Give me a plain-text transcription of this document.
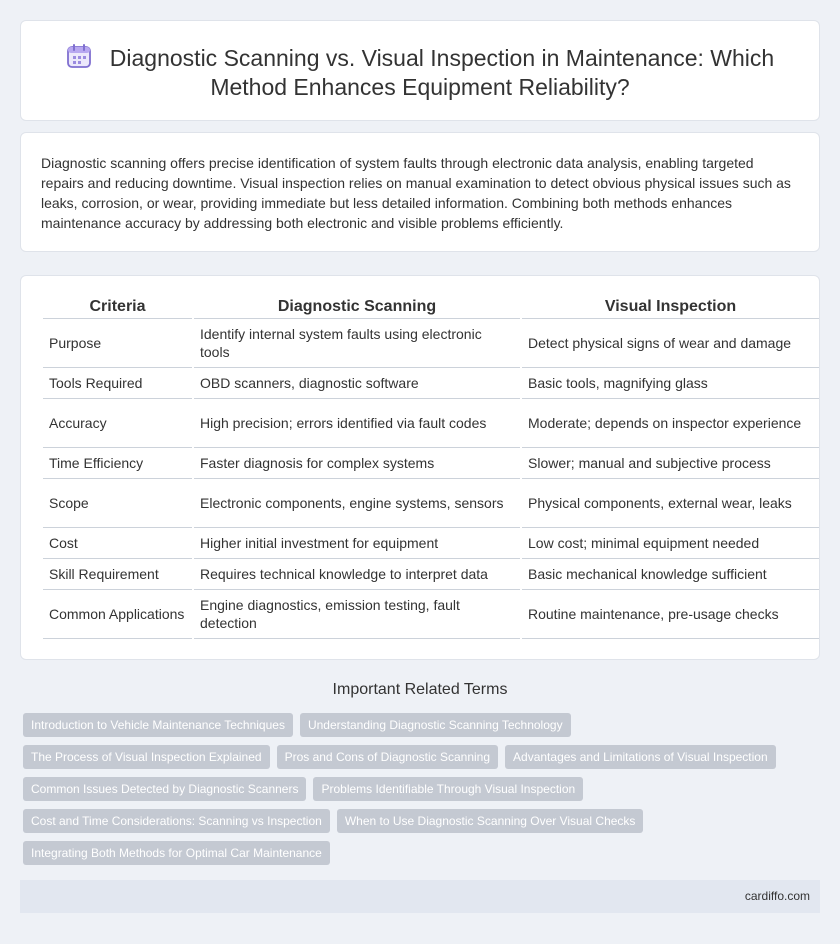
Diagnostic Scanning vs. Visual Inspection in Maintenance: Which Method Enhances Equipment Reliability?

Diagnostic scanning offers precise identification of system faults through electronic data analysis, enabling targeted repairs and reducing downtime. Visual inspection relies on manual examination to detect obvious physical issues such as leaks, corrosion, or wear, providing immediate but less detailed information. Combining both methods enhances maintenance accuracy by addressing both electronic and visible problems efficiently.

Criteria	Diagnostic Scanning	Visual Inspection
Purpose	Identify internal system faults using electronic tools	Detect physical signs of wear and damage
Tools Required	OBD scanners, diagnostic software	Basic tools, magnifying glass
Accuracy	High precision; errors identified via fault codes	Moderate; depends on inspector experience
Time Efficiency	Faster diagnosis for complex systems	Slower; manual and subjective process
Scope	Electronic components, engine systems, sensors	Physical components, external wear, leaks
Cost	Higher initial investment for equipment	Low cost; minimal equipment needed
Skill Requirement	Requires technical knowledge to interpret data	Basic mechanical knowledge sufficient
Common Applications	Engine diagnostics, emission testing, fault detection	Routine maintenance, pre-usage checks
Important Related Terms
Introduction to Vehicle Maintenance Techniques	Understanding Diagnostic Scanning Technology
The Process of Visual Inspection Explained	Pros and Cons of Diagnostic Scanning	Advantages and Limitations of Visual Inspection
Common Issues Detected by Diagnostic Scanners	Problems Identifiable Through Visual Inspection
Cost and Time Considerations: Scanning vs Inspection	When to Use Diagnostic Scanning Over Visual Checks
Integrating Both Methods for Optimal Car Maintenance
cardiffo.com
